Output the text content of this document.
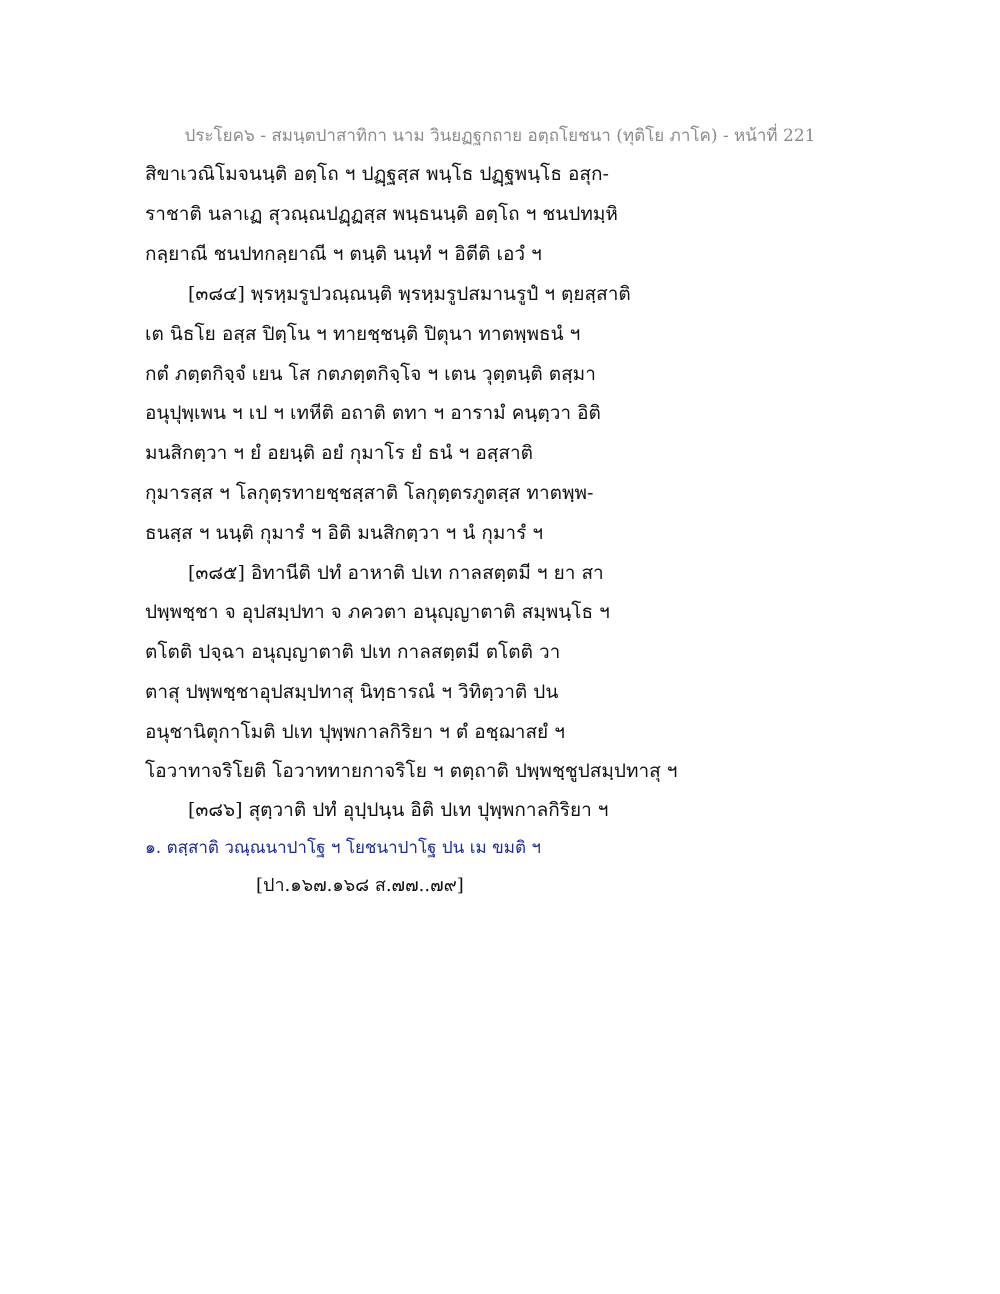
ประโยค๖ - สมนฺตปาสาทิกา นาม วินยฏฐกถาย อตฺถโยชนา (ทุติโย ภาโค) - หน้าที่ 221
สิขาเวณิโมจนนฺติ อตฺโถ ฯ ปฏฺฐสฺส พนฺโธ ปฏฺฐพนฺโธ อสุก-
ราชาติ นลาเฏ สุวณฺณปฏฺฏสฺส พนฺธนนฺติ อตฺโถ ฯ ชนปทมฺหิ
กลฺยาณี ชนปทกลฺยาณี ฯ ตนฺติ นนฺทํ ฯ อิตีติ เอวํ ฯ
[๓๘๔] พฺรหฺมรูปวณฺณนฺติ พฺรหฺมรูปสมานรูปํ ฯ ตฺยสฺสาติ
เต นิธโย อสฺส ปิตฺโน ฯ ทายชฺชนฺติ ปิตุนา ทาตพฺพธนํ ฯ
กตํ ภตฺตกิจฺจํ เยน โส กตภตฺตกิจฺโจ ฯ เตน วุตฺตนฺติ ตสฺมา
อนุปุพฺเพน ฯ เป ฯ เทหีติ อถาติ ตทา ฯ อารามํ คนฺตฺวา อิติ
มนสิกตฺวา ฯ ยํ อยนฺติ อยํ กุมาโร ยํ ธนํ ฯ อสฺสาติ
กุมารสฺส ฯ โลกุตฺรทายชฺชสฺสาติ โลกุตฺตรภูตสฺส ทาตพฺพ-
ธนสฺส ฯ นนฺติ กุมารํ ฯ อิติ มนสิกตฺวา ฯ นํ กุมารํ ฯ
[๓๘๕] อิทานีติ ปทํ อาหาติ ปเท กาลสตฺตมี ฯ ยา สา
ปพฺพชฺชา จ อุปสมฺปทา จ ภควตา อนุญฺญาตาติ สมฺพนฺโธ ฯ
ตโตติ ปจฺฉา อนุญฺญาตาติ ปเท กาลสตฺตมี ตโตติ วา
ตาสุ ปพฺพชฺชาอุปสมฺปทาสุ นิทฺธารณํ ฯ วิทิตฺวาติ ปน
อนุชานิตุกาโมติ ปเท ปุพฺพกาลกิริยา ฯ ตํ อชฺฌาสยํ ฯ
โอวาทาจริโยติ โอวาททายกาจริโย ฯ ตตฺถาติ ปพฺพชฺชูปสมฺปทาสุ ฯ
[๓๘๖] สุตฺวาติ ปทํ อุปฺปนฺน อิติ ปเท ปุพฺพกาลกิริยา ฯ
๑. ตสฺสาติ วณฺณนาปาโฐ ฯ โยชนาปาโฐ ปน เม ขมติ ฯ
[ปา.๑๖๗.๑๖๘ ส.๗๗..๗๙]
